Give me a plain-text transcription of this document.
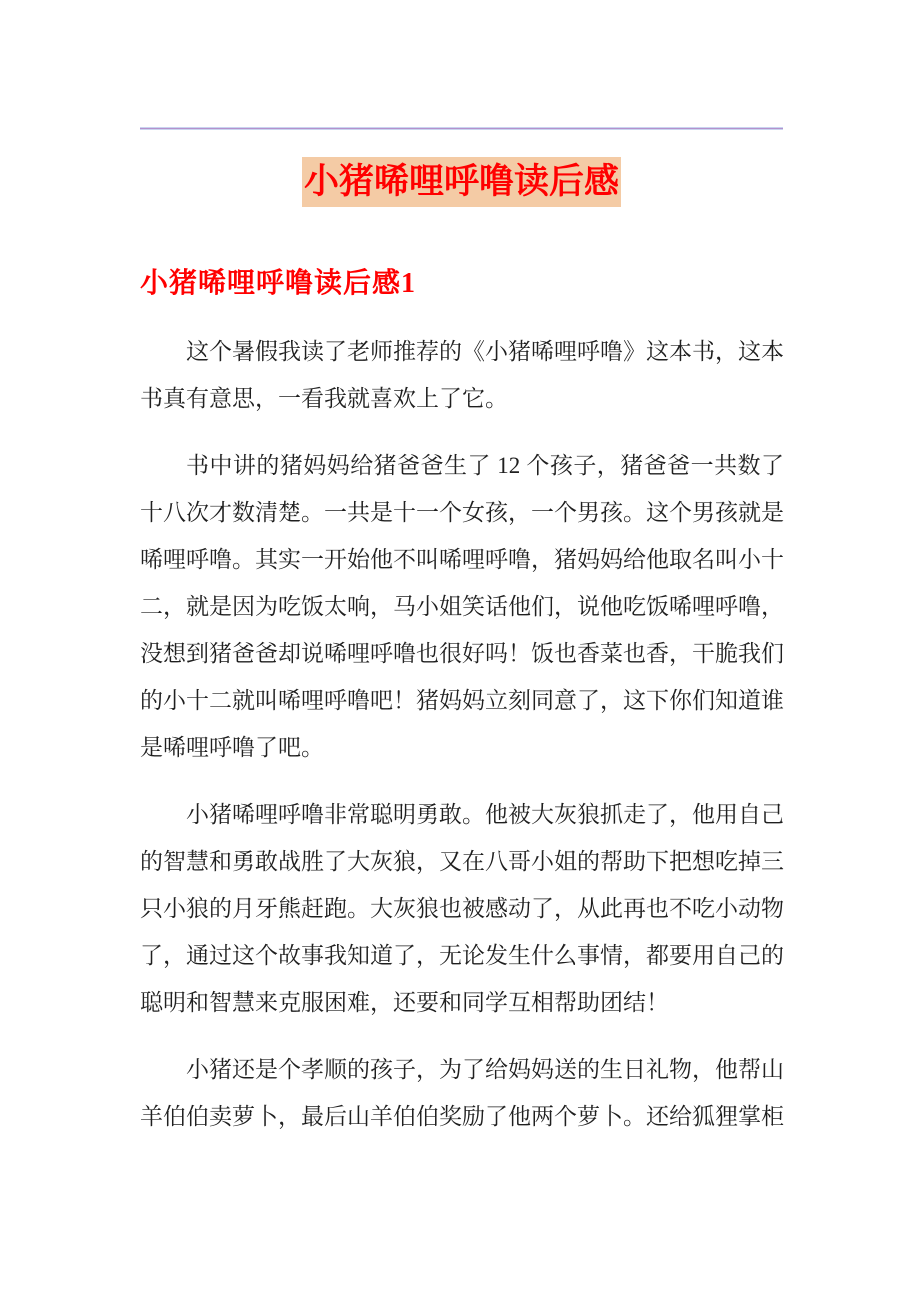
小猪唏哩呼噜读后感
小猪唏哩呼噜读后感1

这个暑假我读了老师推荐的《小猪唏哩呼噜》这本书，这本书真有意思，一看我就喜欢上了它。

书中讲的猪妈妈给猪爸爸生了 12 个孩子，猪爸爸一共数了十八次才数清楚。一共是十一个女孩，一个男孩。这个男孩就是唏哩呼噜。其实一开始他不叫唏哩呼噜，猪妈妈给他取名叫小十二，就是因为吃饭太响，马小姐笑话他们，说他吃饭唏哩呼噜，没想到猪爸爸却说唏哩呼噜也很好吗！饭也香菜也香，干脆我们的小十二就叫唏哩呼噜吧！猪妈妈立刻同意了，这下你们知道谁是唏哩呼噜了吧。

小猪唏哩呼噜非常聪明勇敢。他被大灰狼抓走了，他用自己的智慧和勇敢战胜了大灰狼，又在八哥小姐的帮助下把想吃掉三只小狼的月牙熊赶跑。大灰狼也被感动了，从此再也不吃小动物了，通过这个故事我知道了，无论发生什么事情，都要用自己的聪明和智慧来克服困难，还要和同学互相帮助团结！

小猪还是个孝顺的孩子，为了给妈妈送的生日礼物，他帮山羊伯伯卖萝卜，最后山羊伯伯奖励了他两个萝卜。还给狐狸掌柜
